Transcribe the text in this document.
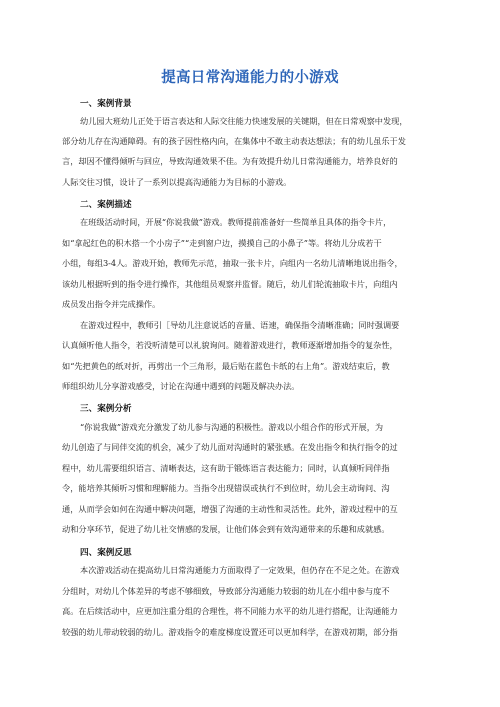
提高日常沟通能力的小游戏
一、案例背景
幼儿园大班幼儿正处于语言表达和人际交往能力快速发展的关键期，但在日常观察中发现，
部分幼儿存在沟通障碍。有的孩子因性格内向，在集体中不敢主动表达想法；有的幼儿虽乐于发
言，却因不懂得倾听与回应，导致沟通效果不佳。为有效提升幼儿日常沟通能力，培养良好的
人际交往习惯，设计了一系列以提高沟通能力为目标的小游戏。
二、案例描述
在班级活动时间，开展“你说我做”游戏。教师提前准备好一些简单且具体的指令卡片，
如“拿起红色的积木搭一个小房子”“走到窗户边，摸摸自己的小鼻子”等。将幼儿分成若干
小组，每组3-4人。游戏开始，教师先示范，抽取一张卡片，向组内一名幼儿清晰地说出指令，
该幼儿根据听到的指令进行操作，其他组员观察并监督。随后，幼儿们轮流抽取卡片，向组内
成员发出指令并完成操作。
在游戏过程中，教师引［导幼儿注意说话的音量、语速，确保指令清晰准确；同时强调要
认真倾听他人指令，若没听清楚可以礼貌询问。随着游戏进行，教师逐渐增加指令的复杂性，
如“先把黄色的纸对折，再剪出一个三角形，最后贴在蓝色卡纸的右上角”。游戏结束后，教
师组织幼儿分享游戏感受，讨论在沟通中遇到的问题及解决办法。
三、案例分析
“你说我做”游戏充分激发了幼儿参与沟通的积极性。游戏以小组合作的形式开展，为
幼儿创造了与同伴交流的机会，减少了幼儿面对沟通时的紧张感。在发出指令和执行指令的过
程中，幼儿需要组织语言、清晰表达，这有助于锻炼语言表达能力；同时，认真倾听同伴指
令，能培养其倾听习惯和理解能力。当指令出现错误或执行不到位时，幼儿会主动询问、沟
通，从而学会如何在沟通中解决问题，增强了沟通的主动性和灵活性。此外，游戏过程中的互
动和分享环节，促进了幼儿社交情感的发展，让他们体会到有效沟通带来的乐趣和成就感。
四、案例反思
本次游戏活动在提高幼儿日常沟通能力方面取得了一定效果，但仍存在不足之处。在游戏
分组时，对幼儿个体差异的考虑不够细致，导致部分沟通能力较弱的幼儿在小组中参与度不
高。在后续活动中，应更加注重分组的合理性，将不同能力水平的幼儿进行搭配，让沟通能力
较强的幼儿带动较弱的幼儿。游戏指令的难度梯度设置还可以更加科学，在游戏初期，部分指
